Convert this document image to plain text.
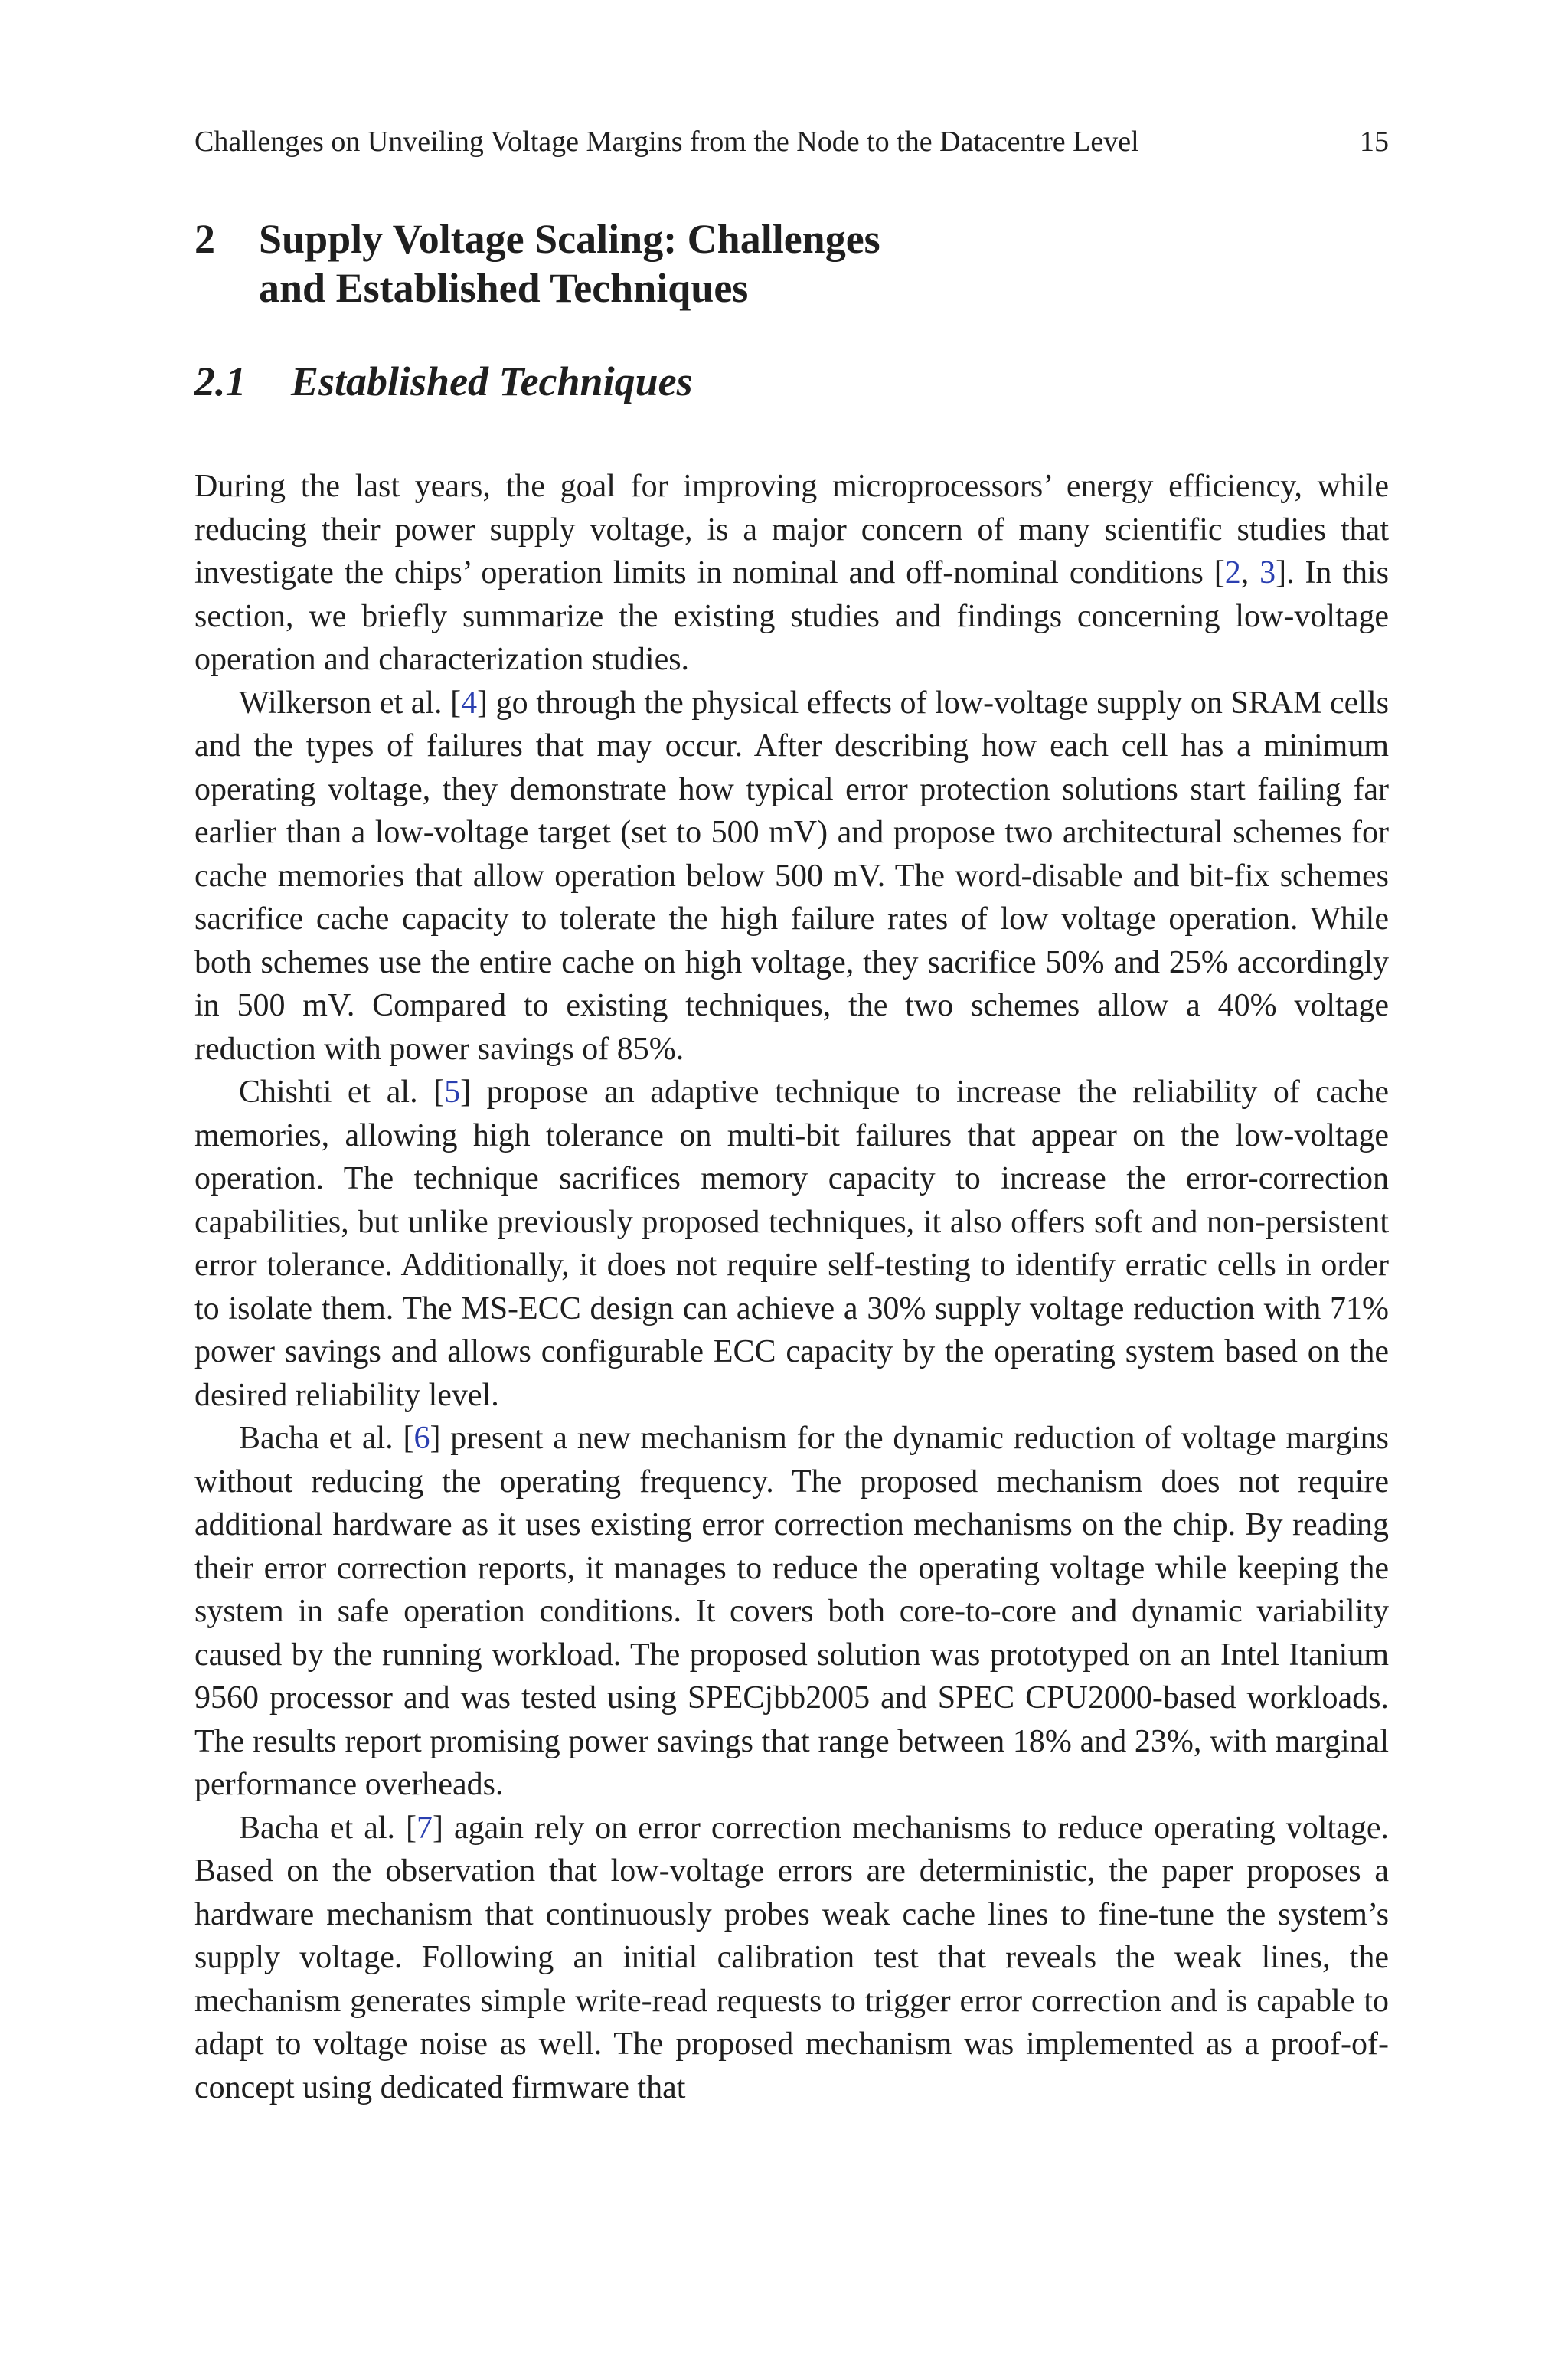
Challenges on Unveiling Voltage Margins from the Node to the Datacentre Level	15
2 Supply Voltage Scaling: Challenges
and Established Techniques
2.1 Established Techniques

During the last years, the goal for improving microprocessors’ energy efficiency, while reducing their power supply voltage, is a major concern of many scientific studies that investigate the chips’ operation limits in nominal and off-nominal conditions [2, 3]. In this section, we briefly summarize the existing studies and findings concerning low-voltage operation and characterization studies.

Wilkerson et al. [4] go through the physical effects of low-voltage supply on SRAM cells and the types of failures that may occur. After describing how each cell has a minimum operating voltage, they demonstrate how typical error protection solutions start failing far earlier than a low-voltage target (set to 500 mV) and propose two architectural schemes for cache memories that allow operation below 500 mV. The word-disable and bit-fix schemes sacrifice cache capacity to tolerate the high failure rates of low voltage operation. While both schemes use the entire cache on high voltage, they sacrifice 50% and 25% accordingly in 500 mV. Compared to existing techniques, the two schemes allow a 40% voltage reduction with power savings of 85%.

Chishti et al. [5] propose an adaptive technique to increase the reliability of cache memories, allowing high tolerance on multi-bit failures that appear on the low-voltage operation. The technique sacrifices memory capacity to increase the error-correction capabilities, but unlike previously proposed techniques, it also offers soft and non-persistent error tolerance. Additionally, it does not require self-testing to identify erratic cells in order to isolate them. The MS-ECC design can achieve a 30% supply voltage reduction with 71% power savings and allows configurable ECC capacity by the operating system based on the desired reliability level.

Bacha et al. [6] present a new mechanism for the dynamic reduction of voltage margins without reducing the operating frequency. The proposed mechanism does not require additional hardware as it uses existing error correction mechanisms on the chip. By reading their error correction reports, it manages to reduce the operating voltage while keeping the system in safe operation conditions. It covers both core-to-core and dynamic variability caused by the running workload. The proposed solution was prototyped on an Intel Itanium 9560 processor and was tested using SPECjbb2005 and SPEC CPU2000-based workloads. The results report promising power savings that range between 18% and 23%, with marginal performance overheads.

Bacha et al. [7] again rely on error correction mechanisms to reduce operating voltage. Based on the observation that low-voltage errors are deterministic, the paper proposes a hardware mechanism that continuously probes weak cache lines to fine-tune the system’s supply voltage. Following an initial calibration test that reveals the weak lines, the mechanism generates simple write-read requests to trigger error correction and is capable to adapt to voltage noise as well. The proposed mechanism was implemented as a proof-of-concept using dedicated firmware that
